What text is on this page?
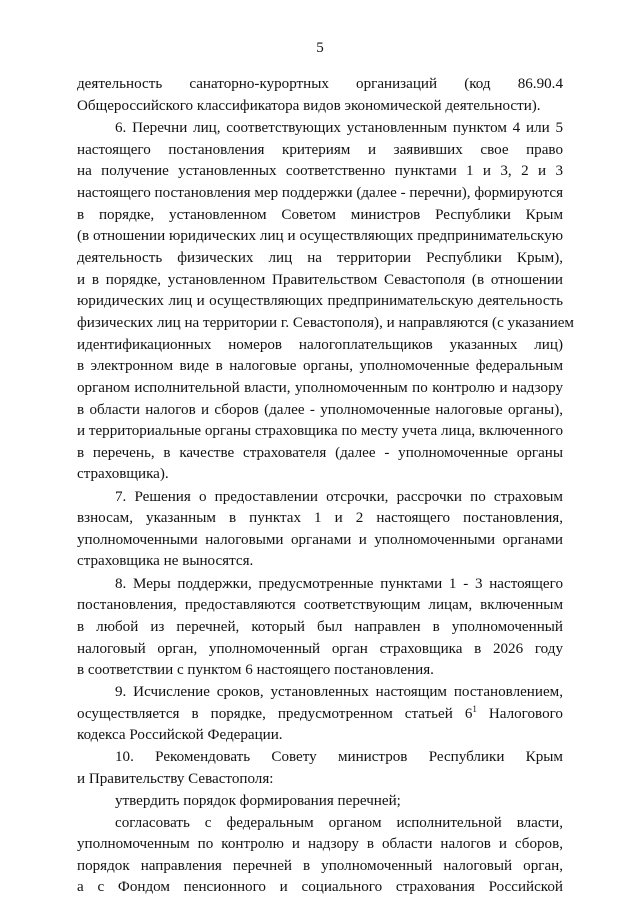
5
деятельность санаторно-курортных организаций (код 86.90.4
Общероссийского классификатора видов экономической деятельности).
6. Перечни лиц, соответствующих установленным пунктом 4 или 5
настоящего постановления критериям и заявивших свое право
на получение установленных соответственно пунктами 1 и 3, 2 и 3
настоящего постановления мер поддержки (далее - перечни), формируются
в порядке, установленном Советом министров Республики Крым
(в отношении юридических лиц и осуществляющих предпринимательскую
деятельность физических лиц на территории Республики Крым),
и в порядке, установленном Правительством Севастополя (в отношении
юридических лиц и осуществляющих предпринимательскую деятельность
физических лиц на территории г. Севастополя), и направляются (с указанием
идентификационных номеров налогоплательщиков указанных лиц)
в электронном виде в налоговые органы, уполномоченные федеральным
органом исполнительной власти, уполномоченным по контролю и надзору
в области налогов и сборов (далее - уполномоченные налоговые органы),
и территориальные органы страховщика по месту учета лица, включенного
в перечень, в качестве страхователя (далее - уполномоченные органы
страховщика).
7. Решения о предоставлении отсрочки, рассрочки по страховым
взносам, указанным в пунктах 1 и 2 настоящего постановления,
уполномоченными налоговыми органами и уполномоченными органами
страховщика не выносятся.
8. Меры поддержки, предусмотренные пунктами 1 - 3 настоящего
постановления, предоставляются соответствующим лицам, включенным
в любой из перечней, который был направлен в уполномоченный
налоговый орган, уполномоченный орган страховщика в 2026 году
в соответствии с пунктом 6 настоящего постановления.
9. Исчисление сроков, установленных настоящим постановлением,
осуществляется в порядке, предусмотренном статьей $6^1$ Налогового
кодекса Российской Федерации.
10. Рекомендовать Совету министров Республики Крым
и Правительству Севастополя:
утвердить порядок формирования перечней;
согласовать с федеральным органом исполнительной власти,
уполномоченным по контролю и надзору в области налогов и сборов,
порядок направления перечней в уполномоченный налоговый орган,
а с Фондом пенсионного и социального страхования Российской
